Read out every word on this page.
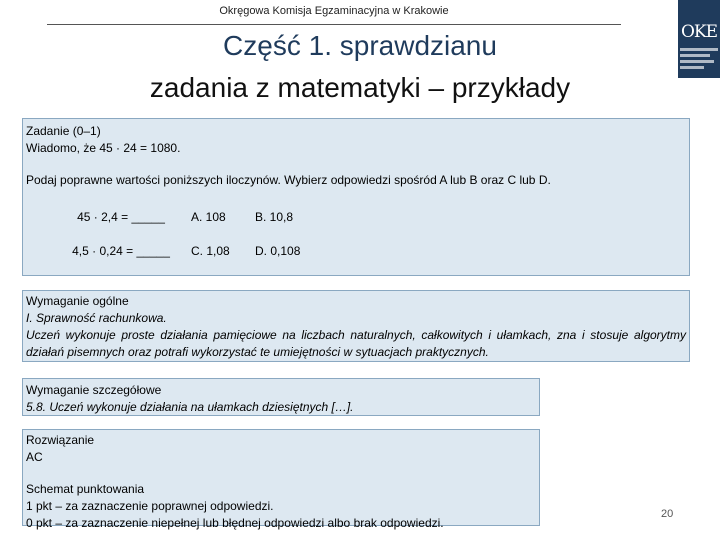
Okręgowa Komisja Egzaminacyjna w Krakowie
OKE
Część 1. sprawdzianu
zadania z matematyki – przykłady
Zadanie (0–1)
Wiadomo, że 45 · 24 = 1080.
Podaj poprawne wartości poniższych iloczynów. Wybierz odpowiedzi spośród A lub B oraz C lub D.
45 · 2,4 = _____	A. 108	B. 10,8
4,5 · 0,24 = _____	C. 1,08	D. 0,108
Wymaganie ogólne
I. Sprawność rachunkowa.
Uczeń wykonuje proste działania pamięciowe na liczbach naturalnych, całkowitych i ułamkach, zna i stosuje algorytmy działań pisemnych oraz potrafi wykorzystać te umiejętności w sytuacjach praktycznych.
Wymaganie szczegółowe
5.8. Uczeń wykonuje działania na ułamkach dziesiętnych […].
Rozwiązanie
AC
Schemat punktowania
1 pkt – za zaznaczenie poprawnej odpowiedzi.
0 pkt – za zaznaczenie niepełnej lub błędnej odpowiedzi albo brak odpowiedzi.
20
